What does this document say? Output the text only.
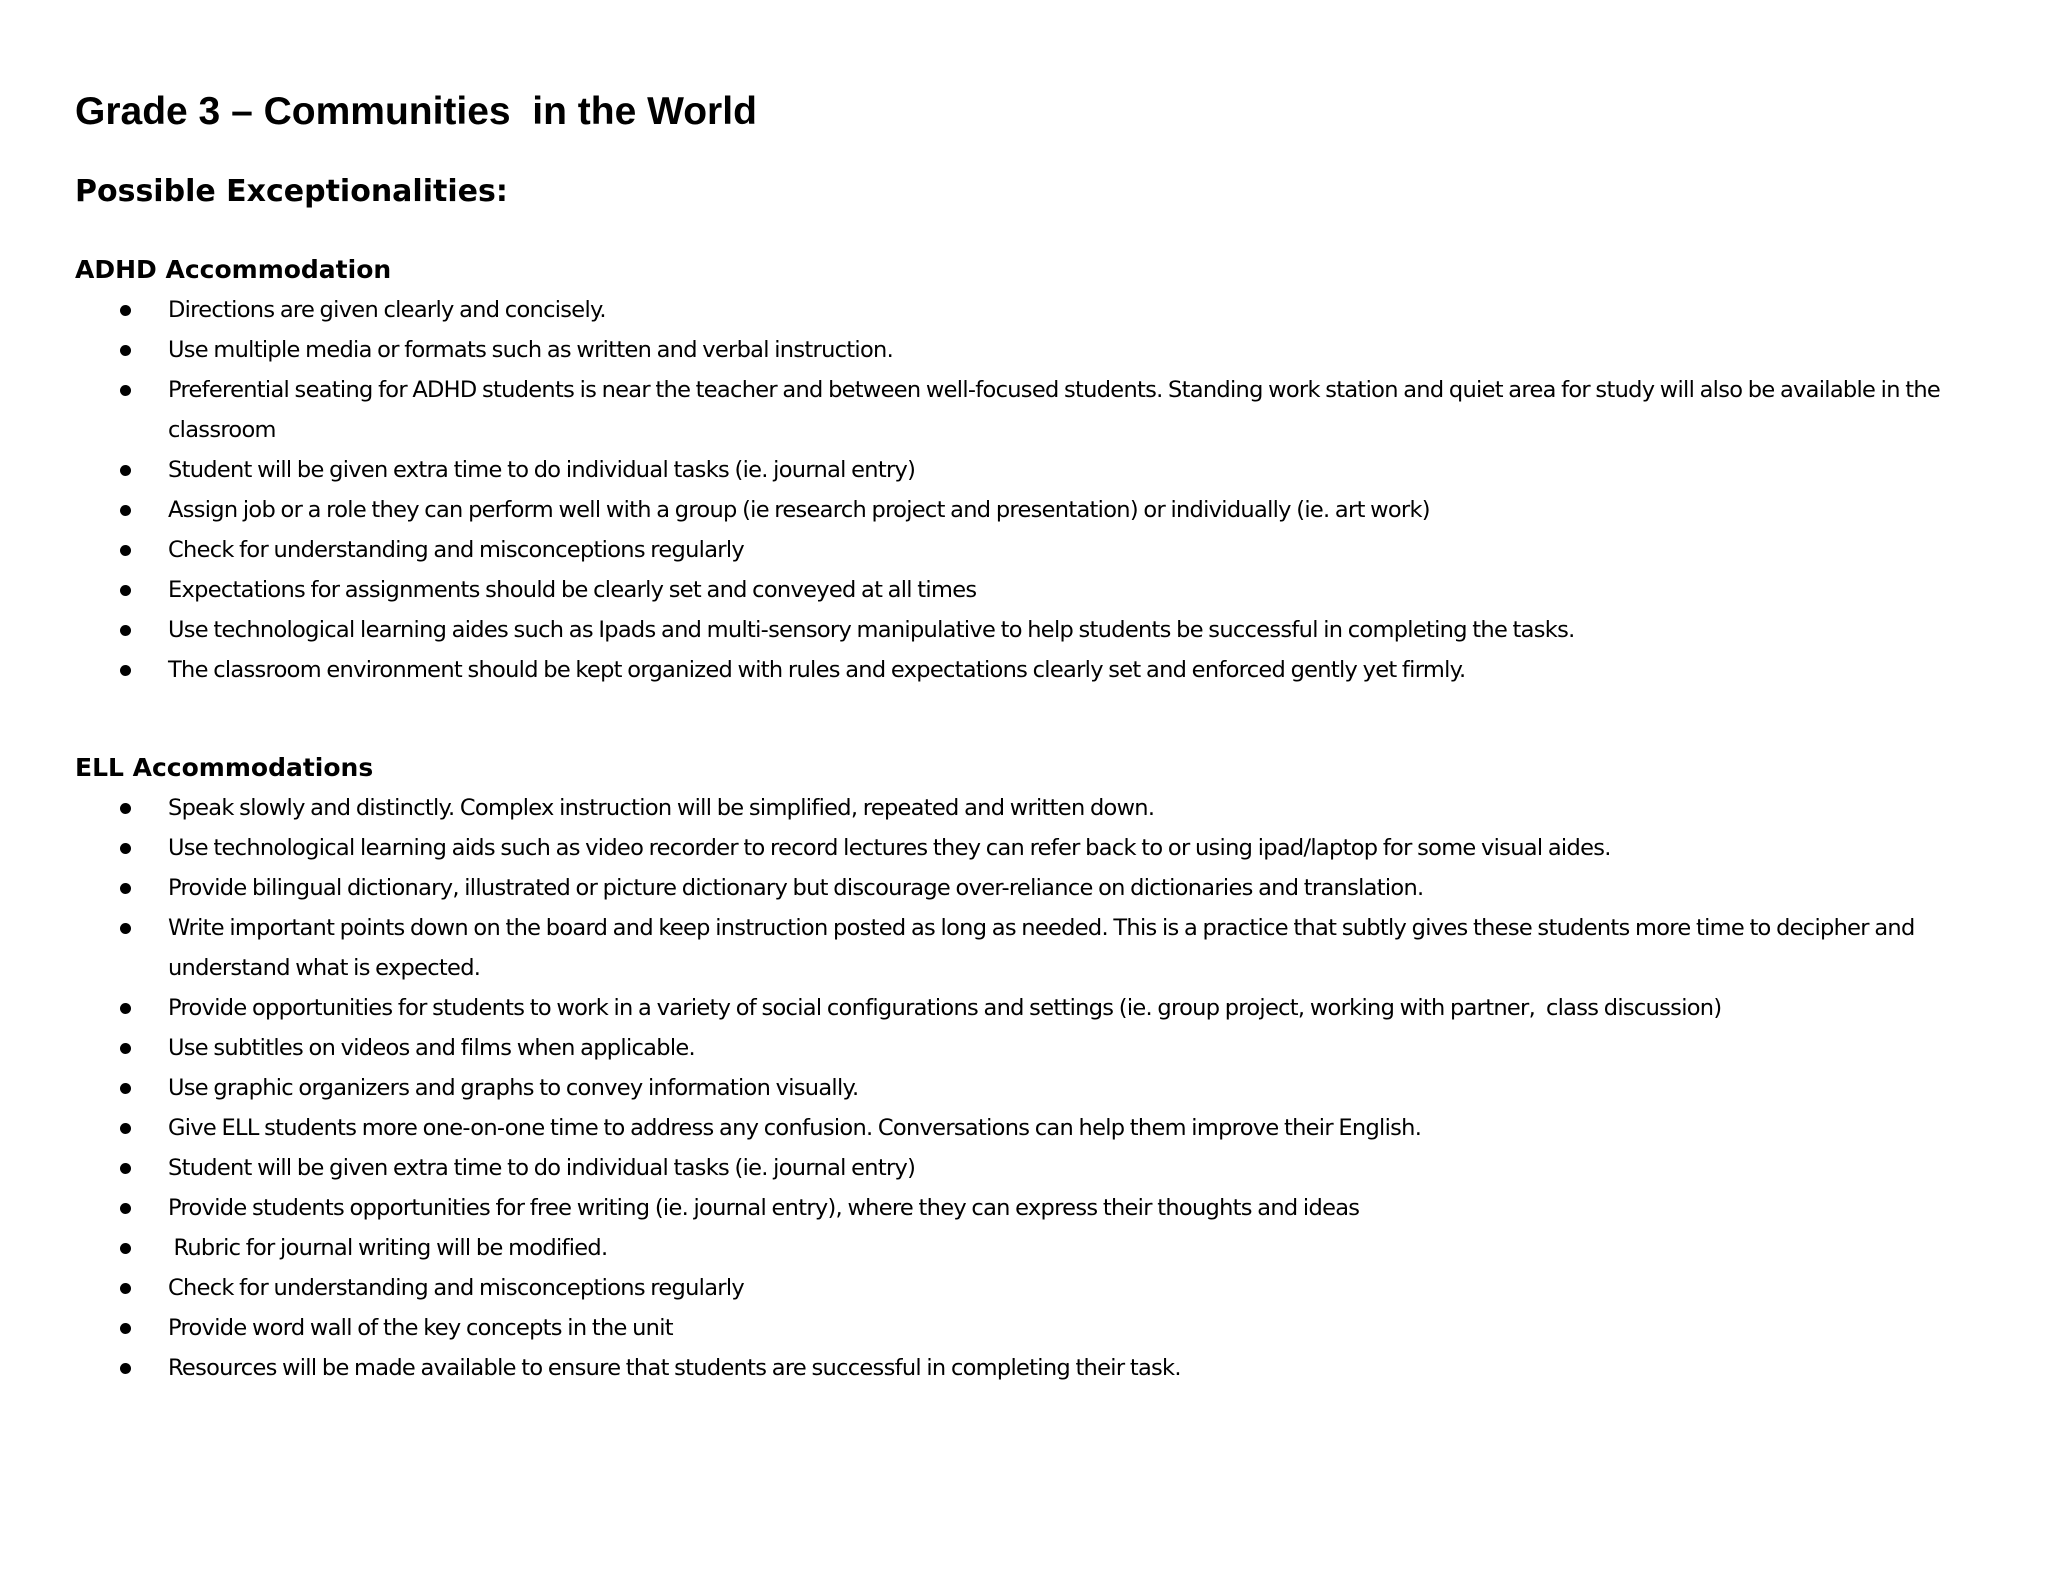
Grade 3 – Communities  in the World
Possible Exceptionalities:
ADHD Accommodation
Directions are given clearly and concisely.
Use multiple media or formats such as written and verbal instruction.
Preferential seating for ADHD students is near the teacher and between well-focused students. Standing work station and quiet area for study will also be available in the classroom
Student will be given extra time to do individual tasks (ie. journal entry)
Assign job or a role they can perform well with a group (ie research project and presentation) or individually (ie. art work)
Check for understanding and misconceptions regularly
Expectations for assignments should be clearly set and conveyed at all times
Use technological learning aides such as Ipads and multi-sensory manipulative to help students be successful in completing the tasks.
The classroom environment should be kept organized with rules and expectations clearly set and enforced gently yet firmly.
ELL Accommodations
Speak slowly and distinctly. Complex instruction will be simplified, repeated and written down.
Use technological learning aids such as video recorder to record lectures they can refer back to or using ipad/laptop for some visual aides.
Provide bilingual dictionary, illustrated or picture dictionary but discourage over-reliance on dictionaries and translation.
Write important points down on the board and keep instruction posted as long as needed. This is a practice that subtly gives these students more time to decipher and understand what is expected.
Provide opportunities for students to work in a variety of social configurations and settings (ie. group project, working with partner,  class discussion)
Use subtitles on videos and films when applicable.
Use graphic organizers and graphs to convey information visually.
Give ELL students more one-on-one time to address any confusion. Conversations can help them improve their English.
Student will be given extra time to do individual tasks (ie. journal entry)
Provide students opportunities for free writing (ie. journal entry), where they can express their thoughts and ideas
Rubric for journal writing will be modified.
Check for understanding and misconceptions regularly
Provide word wall of the key concepts in the unit
Resources will be made available to ensure that students are successful in completing their task.
